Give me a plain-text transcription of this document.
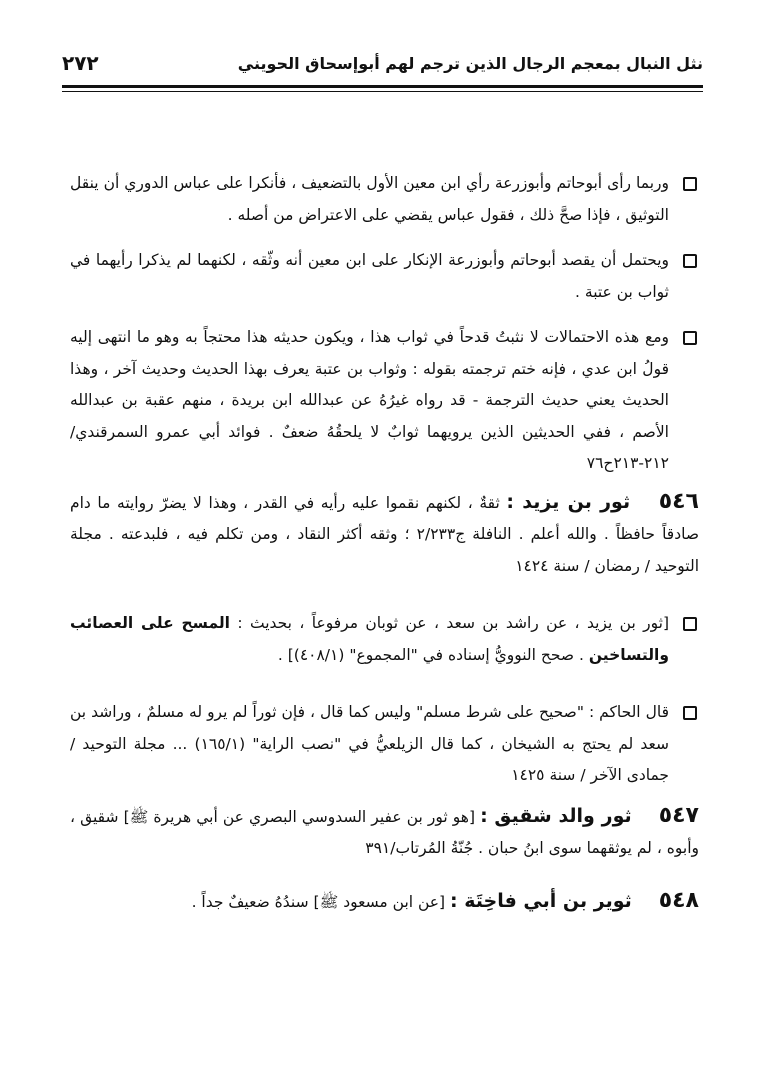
٢٧٢	نثل النبال بمعجم الرجال الذين ترجم لهم أبوإسحاق الحويني

وربما رأى أبوحاتم وأبوزرعة رأي ابن معين الأول بالتضعيف ، فأنكرا على عباس الدوري أن ينقل التوثيق ، فإذا صحَّ ذلك ، فقول عباس يقضي على الاعتراض من أصله .

ويحتمل أن يقصد أبوحاتم وأبوزرعة الإنكار على ابن معين أنه وثّقه ، لكنهما لم يذكرا رأيهما في ثواب بن عتبة .

ومع هذه الاحتمالات لا نثبتُ قدحاً في ثواب هذا ، ويكون حديثه هذا محتجاً به وهو ما انتهى إليه قولُ ابن عدي ، فإنه ختم ترجمته بقوله : وثواب بن عتبة يعرف بهذا الحديث وحديث آخر ، وهذا الحديث يعني حديث الترجمة - قد رواه غيرُهُ عن عبدالله ابن بريدة ، منهم عقبة بن عبدالله الأصم ، ففي الحديثين الذين يرويهما ثوابٌ لا يلحقُهُ ضعفٌ . فوائد أبي عمرو السمرقندي/٢١٢-٢١٣ح٧٦

٥٤٦ ثور بن يزيد : ثقةٌ ، لكنهم نقموا عليه رأيه في القدر ، وهذا لا يضرّ روايته ما دام صادقاً حافظاً . والله أعلم . النافلة ج٢/٢٣٣ ؛ وثقه أكثر النقاد ، ومن تكلم فيه ، فلبدعته . مجلة التوحيد / رمضان / سنة ١٤٢٤

[ثور بن يزيد ، عن راشد بن سعد ، عن ثوبان مرفوعاً ، بحديث : المسح على العصائب والتساخين . صحح النوويُّ إسناده في "المجموع" (٤٠٨/١)] .

قال الحاكم : "صحيح على شرط مسلم" وليس كما قال ، فإن ثوراً لم يرو له مسلمٌ ، وراشد بن سعد لم يحتج به الشيخان ، كما قال الزيلعيُّ في "نصب الراية" (١٦٥/١) ... مجلة التوحيد / جمادى الآخر / سنة ١٤٢٥

٥٤٧ ثور والد شقيق : [هو ثور بن عفير السدوسي البصري عن أبي هريرة ﷺ] شقيق ، وأبوه ، لم يوثقهما سوى ابنُ حبان . جُنّةُ المُرتاب/٣٩١

٥٤٨ ثوير بن أبي فاخِتَة : [عن ابن مسعود ﷺ] سندُهُ ضعيفٌ جداً .
